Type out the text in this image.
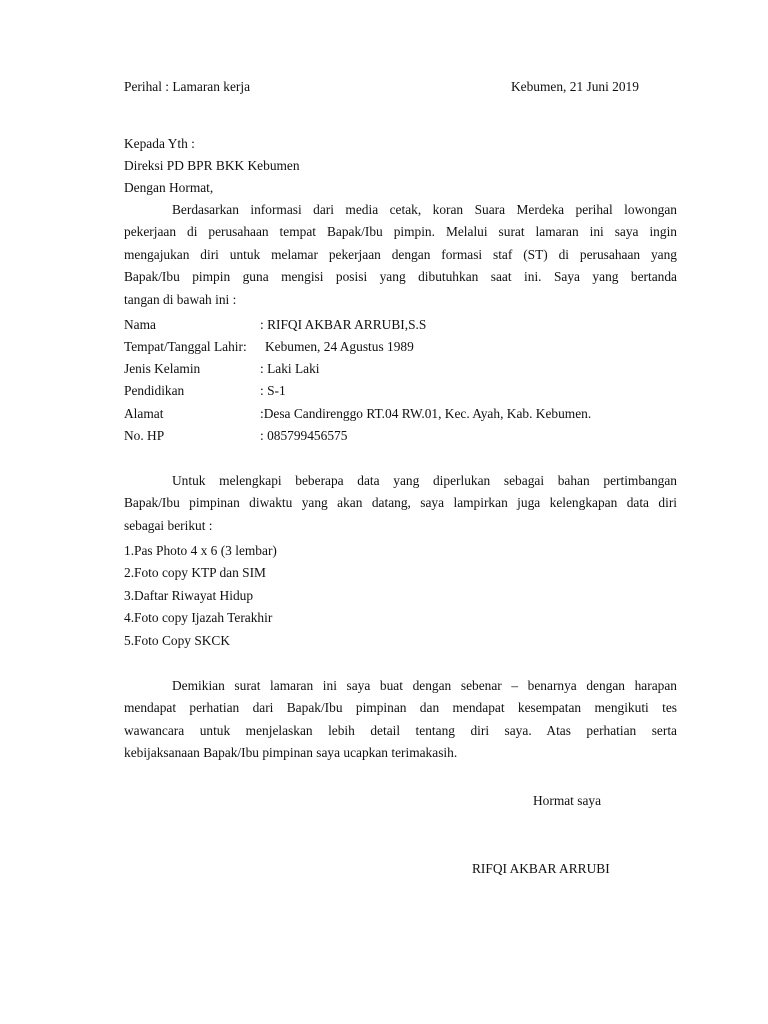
Perihal : Lamaran kerja	Kebumen, 21 Juni 2019
Kepada Yth :
Direksi PD BPR BKK Kebumen
Dengan Hormat,
Berdasarkan informasi dari media cetak, koran Suara Merdeka perihal lowongan
pekerjaan di perusahaan tempat Bapak/Ibu pimpin. Melalui surat lamaran ini saya ingin
mengajukan diri untuk melamar pekerjaan dengan formasi staf (ST) di perusahaan yang
Bapak/Ibu pimpin guna mengisi posisi yang dibutuhkan saat ini. Saya yang bertanda
tangan di bawah ini :
Nama	: RIFQI AKBAR ARRUBI,S.S
Tempat/Tanggal Lahir: Kebumen, 24 Agustus 1989
Jenis Kelamin	: Laki Laki
Pendidikan	: S-1
Alamat	:Desa Candirenggo RT.04 RW.01, Kec. Ayah, Kab. Kebumen.
No. HP	: 085799456575
Untuk melengkapi beberapa data yang diperlukan sebagai bahan pertimbangan
Bapak/Ibu pimpinan diwaktu yang akan datang, saya lampirkan juga kelengkapan data diri
sebagai berikut :
1.Pas Photo 4 x 6 (3 lembar)
2.Foto copy KTP dan SIM
3.Daftar Riwayat Hidup
4.Foto copy Ijazah Terakhir
5.Foto Copy SKCK
Demikian surat lamaran ini saya buat dengan sebenar – benarnya dengan harapan
mendapat perhatian dari Bapak/Ibu pimpinan dan mendapat kesempatan mengikuti tes
wawancara untuk menjelaskan lebih detail tentang diri saya. Atas perhatian serta
kebijaksanaan Bapak/Ibu pimpinan saya ucapkan terimakasih.
Hormat saya
RIFQI AKBAR ARRUBI
